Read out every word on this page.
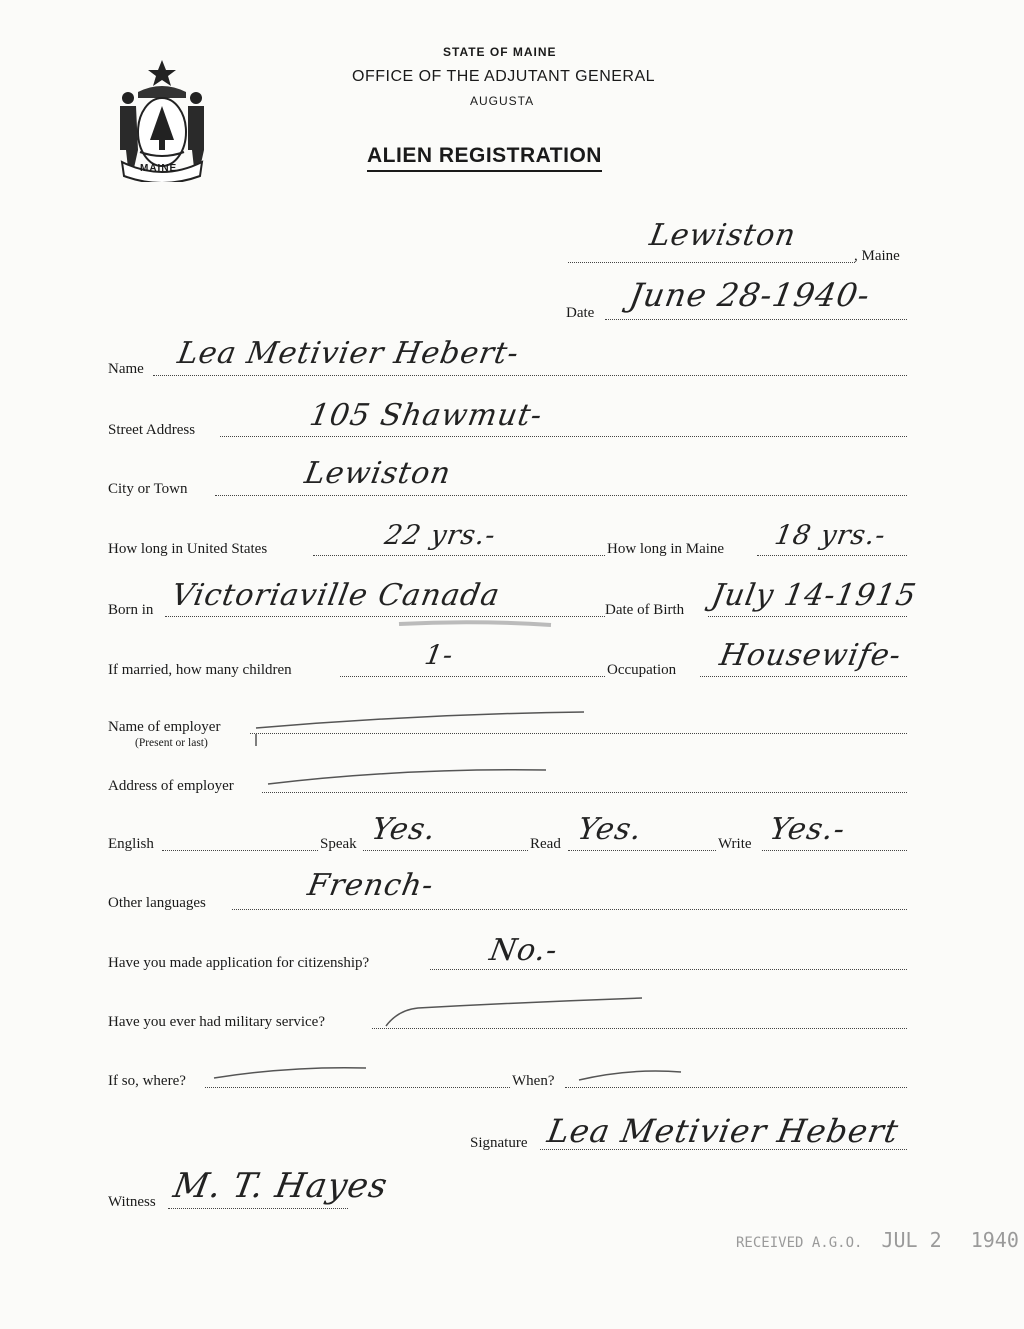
MAINE
STATE OF MAINE
OFFICE OF THE ADJUTANT GENERAL
AUGUSTA
ALIEN REGISTRATION
Lewiston
, Maine
Date June 28-1940-
Name Lea Metivier Hebert-
Street Address	105 Shawmut-
City or Town	Lewiston
How long in United States	22 yrs.-	How long in Maine 18 yrs.-
Born in Victoriaville Canada	Date of Birth July 14-1915
If married, how many children	1-	Occupation Housewife-
Name of employer
(Present or last)
Address of employer
English	Speak Yes.	Read Yes.	Write Yes.-
Other languages	French-
Have you made application for citizenship?	No.-
Have you ever had military service?
If so, where?	When?
Signature Lea Metivier Hebert
Witness M. T. Hayes
RECEIVED A.G.O. JUL 2 1940
